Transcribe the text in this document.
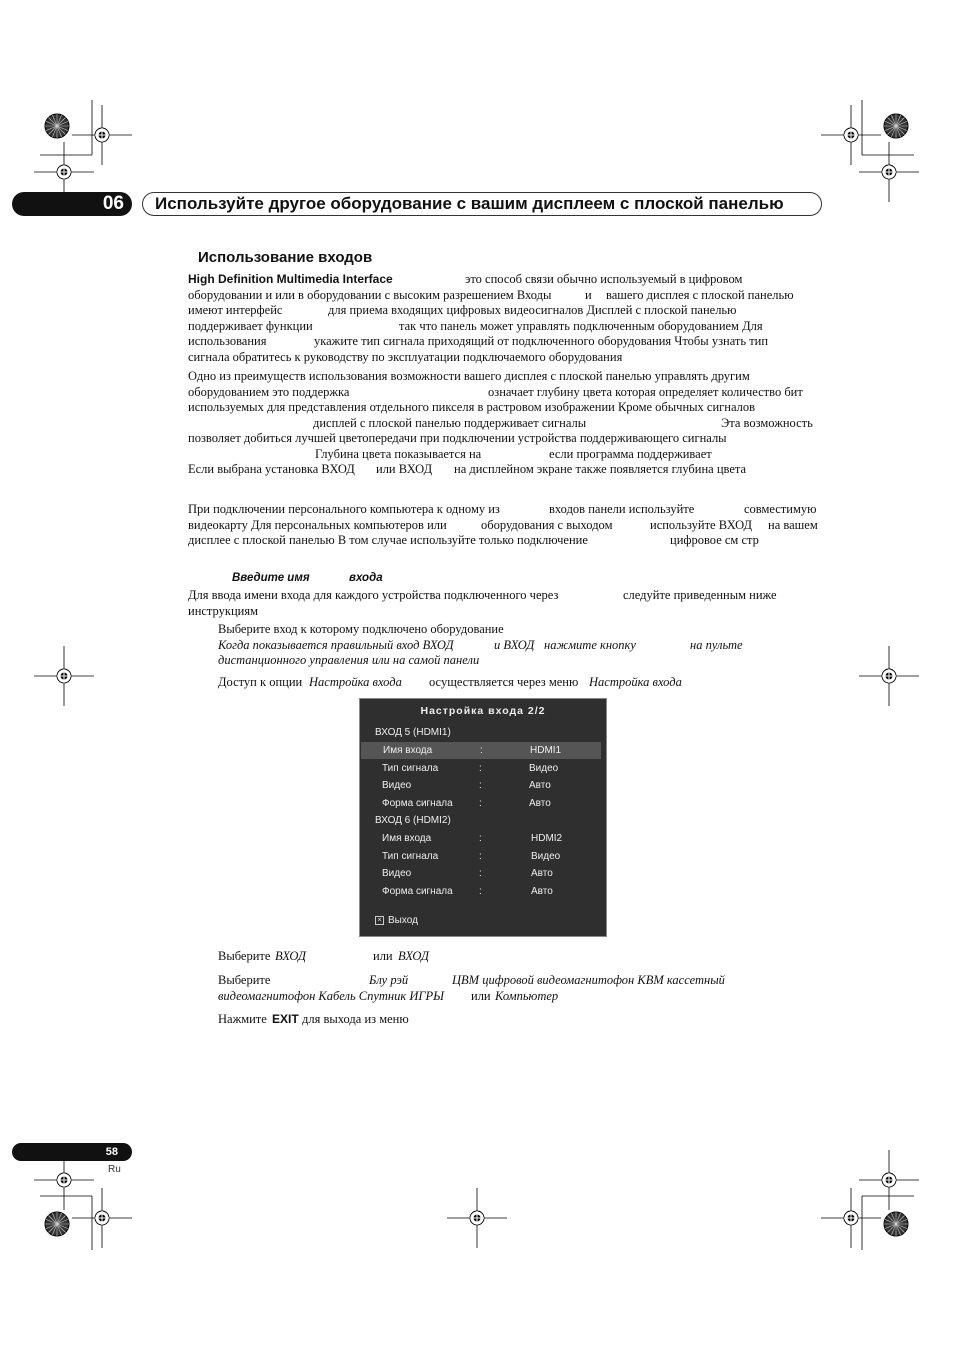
06	Используйте другое оборудование с вашим дисплеем с плоской панелью
Использование входов
High Definition Multimedia Interface	это способ связи обычно используемый в цифровом
оборудовании и или в оборудовании с высоким разрешением Входы	и вашего дисплея с плоской панелью
имеют интерфейс	для приема входящих цифровых видеосигналов Дисплей с плоской панелью
поддерживает функции	так что панель может управлять подключенным оборудованием Для
использования	укажите тип сигнала приходящий от подключенного оборудования Чтобы узнать тип
сигнала обратитесь к руководству по эксплуатации подключаемого оборудования
Одно из преимуществ использования возможности вашего дисплея с плоской панелью управлять другим
оборудованием это поддержка	означает глубину цвета которая определяет количество бит
используемых для представления отдельного пикселя в растровом изображении Кроме обычных сигналов
дисплей с плоской панелью поддерживает сигналы	Эта возможность
позволяет добиться лучшей цветопередачи при подключении устройства поддерживающего сигналы
Глубина цвета показывается на	если программа поддерживает
Если выбрана установка ВХОД или ВХОД на дисплейном экране также появляется глубина цвета
При подключении персонального компьютера к одному из	входов панели используйте	совместимую
видеокарту Для персональных компьютеров или	оборудования с выходом	используйте ВХОД на вашем
дисплее с плоской панелью В том случае используйте только подключение	цифровое см стр
Введите имя	входа
Для ввода имени входа для каждого устройства подключенного через	следуйте приведенным ниже
инструкциям
Выберите вход к которому подключено оборудование
Когда показывается правильный вход ВХОД	и ВХОД нажмите кнопку	на пульте
дистанционного управления или на самой панели
Доступ к опции Настройка входа осуществляется через меню Настройка входа
Настройка входа 2/2
ВХОД 5 (HDMI1)
Имя входа	:	HDMI1
Тип сигнала	:	Видео
Видео	:	Авто
Форма сигнала	:	Авто
ВХОД 6 (HDMI2)
Имя входа	:	HDMI2
Тип сигнала	:	Видео
Видео	:	Авто
Форма сигнала	:	Авто
× Выход
Выберите ВХОД	или ВХОД
Выберите	Блу рэй	ЦВМ цифровой видеомагнитофон КВМ кассетный
видеомагнитофон Кабель Спутник ИГРЫ или Компьютер
Нажмите EXIT для выхода из меню
58
Ru
